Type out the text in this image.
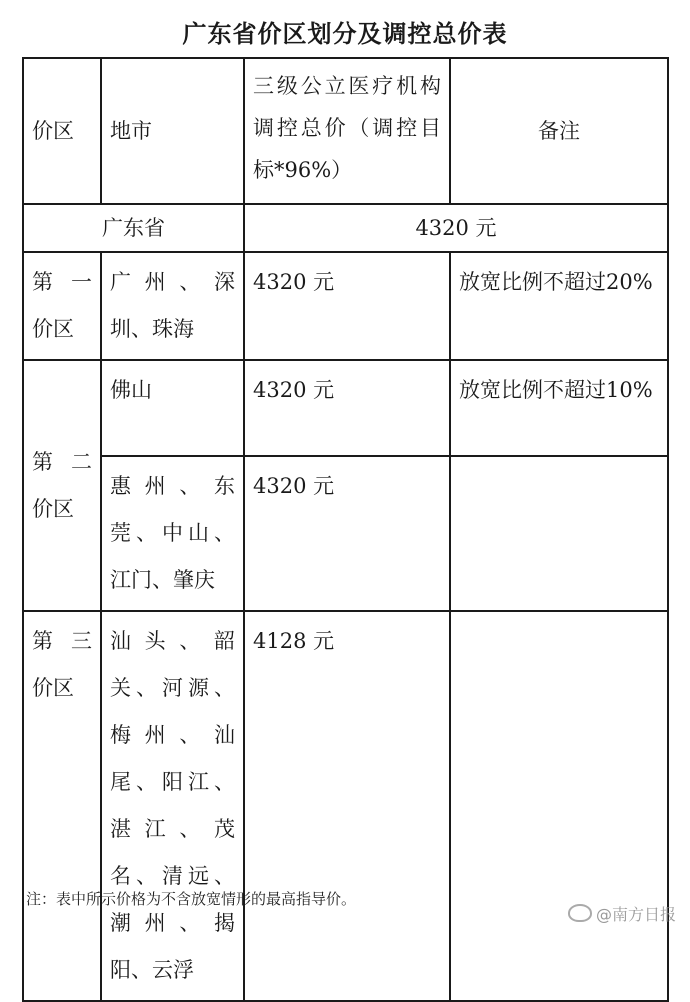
广东省价区划分及调控总价表
价区	地市	三级公立医疗机构调控总价（调控目标*96%）	备注
广东省		4320 元	
第一价区	广州、深圳、珠海	4320 元	放宽比例不超过20%
第二价区	佛山	4320 元	放宽比例不超过10%
	惠州、东莞、中山、江门、肇庆	4320 元	
第 三 价区	汕头、韶关、河源、梅州、汕尾、阳江、湛江、茂名、清远、潮州、揭阳、云浮	4128 元	
注：表中所示价格为不含放宽情形的最高指导价。
@南方日报
